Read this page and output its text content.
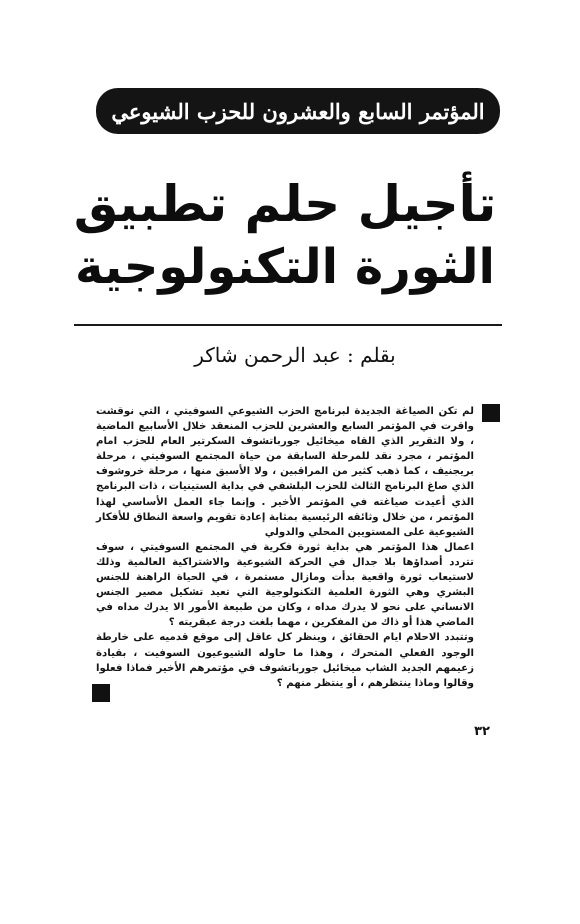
المؤتمر السابع والعشرون للحزب الشيوعي
تأجيل حلم تطبيق
الثورة التكنولوجية
بقلم : عبد الرحمن شاكر

لم تكن الصياغة الجديدة لبرنامج الحزب الشيوعي السوفيتي ، التي نوقشت واقرت في المؤتمر السابع والعشرين للحزب المنعقد خلال الأسابيع الماضية ، ولا التقرير الذي القاه ميخائيل جورباتشوف السكرتير العام للحزب امام المؤتمر ، مجرد نقد للمرحلة السابقة من حياة المجتمع السوفيتي ، مرحلة بريجنيف ، كما ذهب كثير من المراقبين ، ولا الأسبق منها ، مرحلة خروشوف الذي صاغ البرنامج الثالث للحزب البلشفي في بداية الستينيات ، ذات البرنامج الذي أعيدت صياغته في المؤتمر الأخير . وإنما جاء العمل الأساسي لهذا المؤتمر ، من خلال وثائقه الرئيسية بمثابة إعادة تقويم واسعة النطاق للأفكار الشيوعية على المستويين المحلي والدولي

اعمال هذا المؤتمر هي بداية ثورة فكرية في المجتمع السوفيتي ، سوف تتردد أصداؤها بلا جدال في الحركة الشيوعية والاشتراكية العالمية وذلك لاستيعاب ثورة واقعية بدأت ومازال مستمرة ، في الحياة الراهنة للجنس البشري وهي الثورة العلمية التكنولوجية التي تعيد تشكيل مصير الجنس الانساني على نحو لا يدرك مداه ، وكان من طبيعة الأمور الا يدرك مداه في الماضي هذا أو ذاك من المفكرين ، مهما بلغت درجة عبقريته ؟

وتتبدد الاحلام ايام الحقائق ، وينظر كل عاقل إلى موقع قدميه على خارطة الوجود الفعلي المتحرك ، وهذا ما حاوله الشيوعيون السوفيت ، بقيادة زعيمهم الجديد الشاب ميخائيل جورباتشوف في مؤتمرهم الأخير فماذا فعلوا وقالوا وماذا ينتظرهم ، أو ينتظر منهم ؟

٣٢
